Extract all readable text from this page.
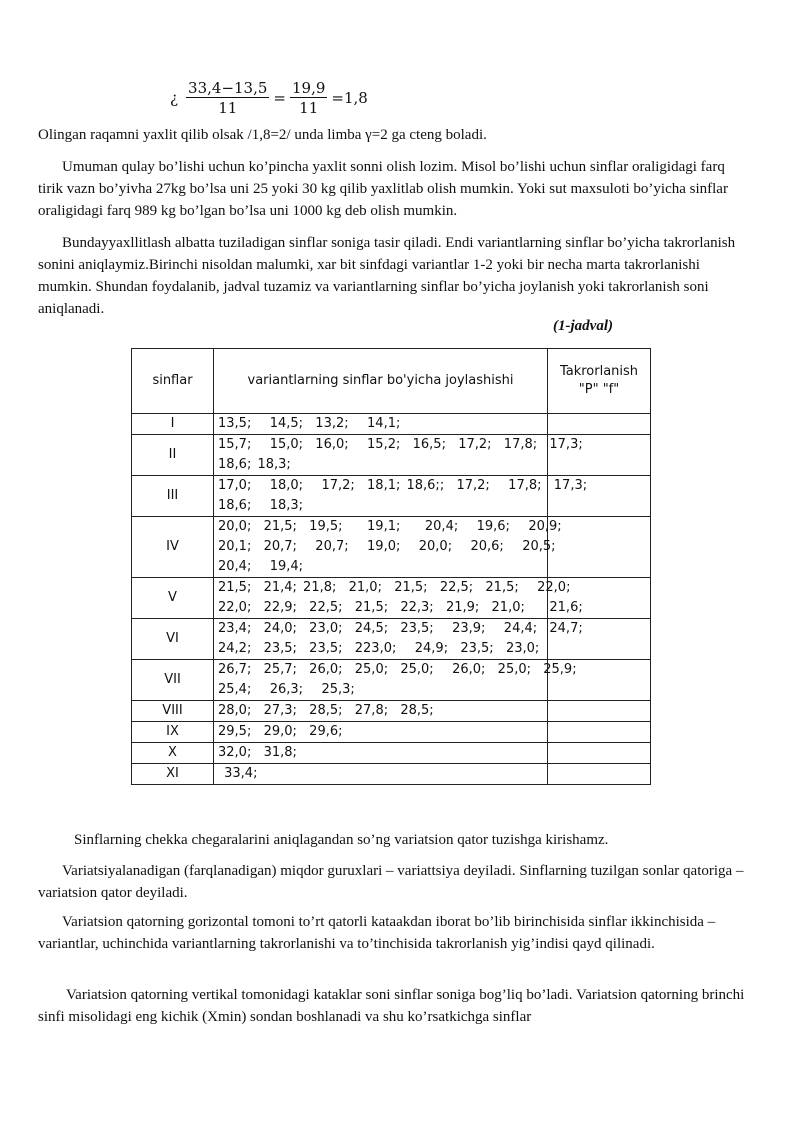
¿ $\frac{33,4-13,5}{11} = \frac{19,9}{11} =1,8$

Olingan raqamni yaxlit qilib olsak /1,8=2/ unda limba γ=2 ga cteng boladi.

Umuman qulay bo’lishi uchun ko’pincha yaxlit sonni olish lozim. Misol bo’lishi uchun sinflar oraligidagi farq tirik vazn bo’yivha 27kg bo’lsa uni 25 yoki 30 kg qilib yaxlitlab olish mumkin. Yoki sut maxsuloti bo’yicha sinflar oraligidagi farq 989 kg bo’lgan bo’lsa uni 1000 kg deb olish mumkin.

Bundayyaxllitlash albatta tuziladigan sinflar soniga tasir qiladi. Endi variantlarning sinflar bo’yicha takrorlanish sonini aniqlaymiz.Birinchi nisoldan malumki, xar bit sinfdagi variantlar 1-2 yoki bir necha marta takrorlanishi mumkin. Shundan foydalanib, jadval tuzamiz va variantlarning sinflar bo’yicha joylanish yoki takrorlanish soni aniqlanadi.

(1-jadval)
sinflar	variantlarning sinflar bo'yicha joylashishi	Takrorlanish
"P" "f"

I	13,5;   14,5;  13,2;   14,1;	

II	15,7;   15,0;  16,0;   15,2;  16,5;  17,2;  17,8;  17,3;
18,6; 18,3;	

III	17,0;   18,0;   17,2;  18,1; 18,6;;  17,2;   17,8;  17,3;
18,6;   18,3;	

IV	20,0;  21,5;  19,5;    19,1;    20,4;   19,6;   20,9;
20,1;  20,7;   20,7;   19,0;   20,0;   20,6;   20,5;
20,4;   19,4;	

V	21,5;  21,4; 21,8;  21,0;  21,5;  22,5;  21,5;   22,0;
22,0;  22,9;  22,5;  21,5;  22,3;  21,9;  21,0;    21,6;	

VI	23,4;  24,0;  23,0;  24,5;  23,5;   23,9;   24,4;  24,7;
24,2;  23,5;  23,5;  223,0;   24,9;  23,5;  23,0;	

VII	26,7;  25,7;  26,0;  25,0;  25,0;   26,0;  25,0;  25,9;
25,4;   26,3;   25,3;	

VIII	28,0;  27,3;  28,5;  27,8;  28,5;	

IX	29,5;  29,0;  29,6;	

X	32,0;  31,8;	

XI	33,4;	

Sinflarning chekka chegaralarini aniqlagandan so’ng variatsion qator tuzishga kirishamz.

Variatsiyalanadigan (farqlanadigan) miqdor guruxlari – variattsiya deyiladi. Sinflarning tuzilgan sonlar qatoriga – variatsion qator deyiladi.

Variatsion qatorning gorizontal tomoni to’rt qatorli kataakdan iborat bo’lib birinchisida sinflar ikkinchisida – variantlar, uchinchida variantlarning takrorlanishi va to’tinchisida takrorlanish yig’indisi qayd qilinadi.

Variatsion qatorning vertikal tomonidagi kataklar soni sinflar soniga bog’liq bo’ladi. Variatsion qatorning brinchi sinfi misolidagi eng kichik (Xmin) sondan boshlanadi va shu ko’rsatkichga sinflar
